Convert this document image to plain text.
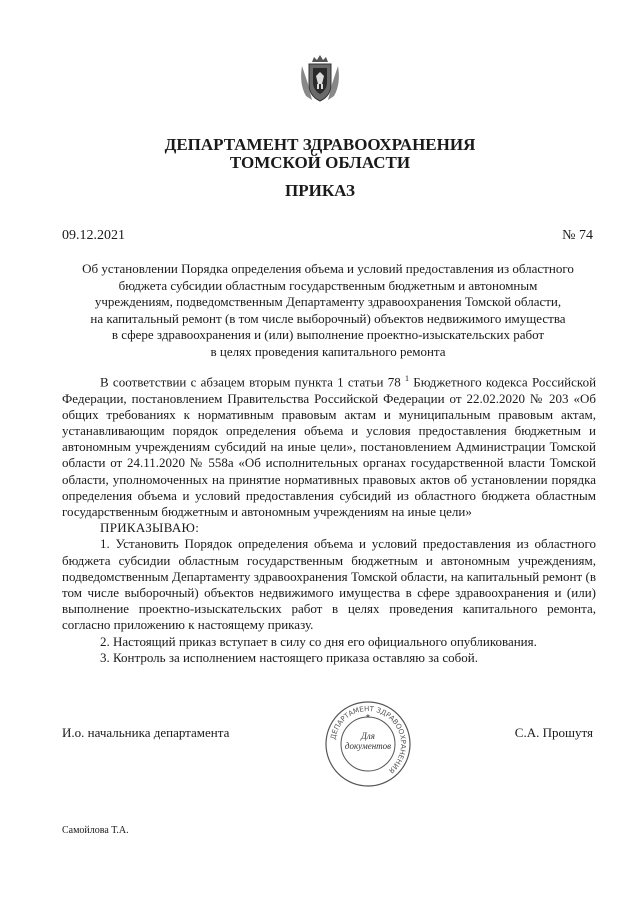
ДЕПАРТАМЕНТ ЗДРАВООХРАНЕНИЯ
ТОМСКОЙ ОБЛАСТИ
ПРИКАЗ
09.12.2021	№ 74
Об установлении Порядка определения объема и условий предоставления из областного
бюджета субсидии областным государственным бюджетным и автономным
учреждениям, подведомственным Департаменту здравоохранения Томской области,
на капитальный ремонт (в том числе выборочный) объектов недвижимого имущества
в сфере здравоохранения и (или) выполнение проектно-изыскательских работ
в целях проведения капитального ремонта

В соответствии с абзацем вторым пункта 1 статьи 78 $^1$ Бюджетного кодекса Российской Федерации, постановлением Правительства Российской Федерации от 22.02.2020 № 203 «Об общих требованиях к нормативным правовым актам и муниципальным правовым актам, устанавливающим порядок определения объема и условия предоставления бюджетным и автономным учреждениям субсидий на иные цели», постановлением Администрации Томской области от 24.11.2020 № 558а «Об исполнительных органах государственной власти Томской области, уполномоченных на принятие нормативных правовых актов об установлении порядка определения объема и условий предоставления субсидий из областного бюджета областным государственным бюджетным и автономным учреждениям на иные цели»

ПРИКАЗЫВАЮ:

1. Установить Порядок определения объема и условий предоставления из областного бюджета субсидии областным государственным бюджетным и автономным учреждениям, подведомственным Департаменту здравоохранения Томской области, на капитальный ремонт (в том числе выборочный) объектов недвижимого имущества в сфере здравоохранения и (или) выполнение проектно-изыскательских работ в целях проведения капитального ремонта, согласно приложению к настоящему приказу.

2. Настоящий приказ вступает в силу со дня его официального опубликования.

3. Контроль за исполнением настоящего приказа оставляю за собой.

И.о. начальника департамента	С.А. Прошутя
ДЕПАРТАМЕНТ ЗДРАВООХРАНЕНИЯ
★
Для
документов
Самойлова Т.А.
